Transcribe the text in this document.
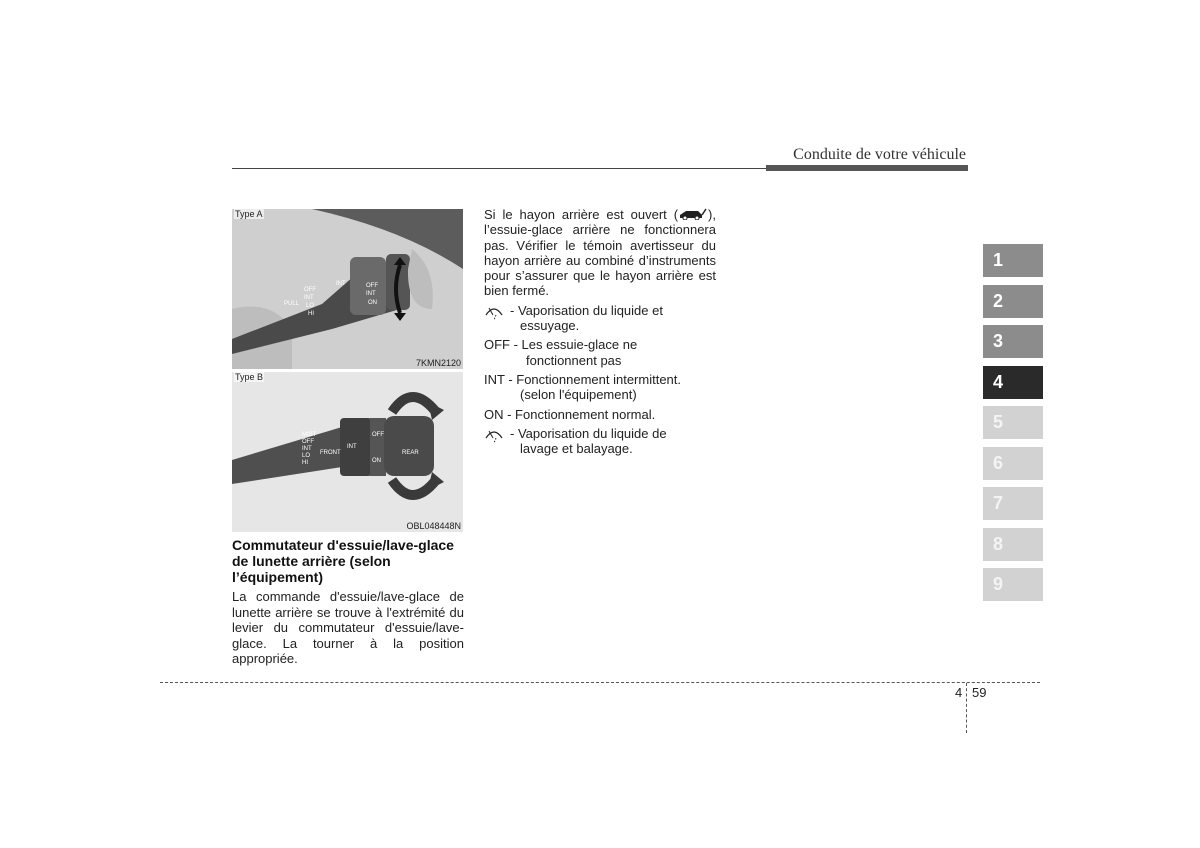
Conduite de votre véhicule
OFF
INT
LO
HI
PULL
INT	OFF
INT
ON
Type A
7KMN2120
MIST
OFF
INT
LO
HI
FRONT
INT
OFF
ON
REAR
Type B
OBL048448N
Commutateur d'essuie/lave-glace de lunette arrière (selon l’équipement)
La commande d'essuie/lave-glace de lunette arrière se trouve à l'extrémité du levier du commutateur d'essuie/lave-glace. La tourner à la position appropriée.

Si le hayon arrière est ouvert ( ), l’essuie-glace arrière ne fonctionnera pas. Vérifier le témoin avertisseur du hayon arrière au combiné d’instruments pour s’assurer que le hayon arrière est bien fermé.

- Vaporisation du liquide et
essuyage.
OFF - Les essuie-glace ne
fonctionnent pas
INT - Fonctionnement intermittent.
(selon l'équipement)
ON - Fonctionnement normal.
- Vaporisation du liquide de
lavage et balayage.
1
2
3
4
5
6
7
8
9
4 59
